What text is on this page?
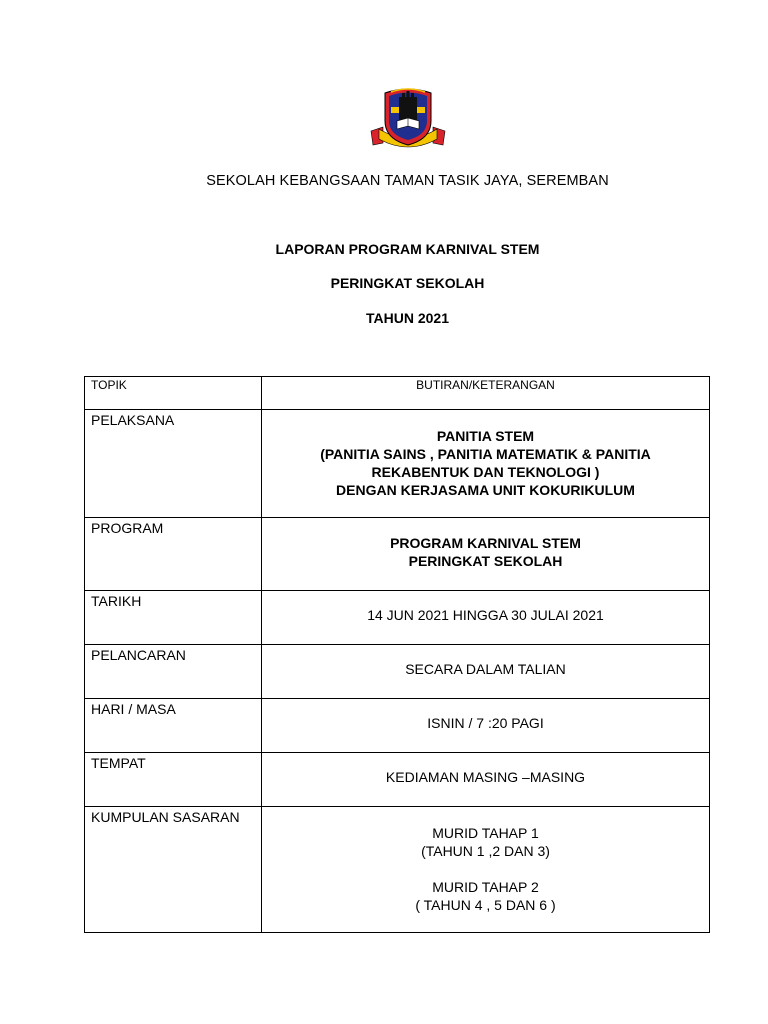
SEKOLAH KEBANGSAAN TAMAN TASIK JAYA, SEREMBAN
LAPORAN PROGRAM KARNIVAL STEM
PERINGKAT SEKOLAH
TAHUN 2021
TOPIK	BUTIRAN/KETERANGAN

PELAKSANA	PANITIA STEM
(PANITIA SAINS , PANITIA MATEMATIK & PANITIA
REKABENTUK DAN TEKNOLOGI )
DENGAN KERJASAMA UNIT KOKURIKULUM

PROGRAM	PROGRAM KARNIVAL STEM
PERINGKAT SEKOLAH

TARIKH	14 JUN 2021 HINGGA 30 JULAI 2021

PELANCARAN	SECARA DALAM TALIAN

HARI / MASA	ISNIN / 7 :20 PAGI

TEMPAT	KEDIAMAN MASING –MASING

KUMPULAN SASARAN	MURID TAHAP 1
(TAHUN 1 ,2 DAN 3)
MURID TAHAP 2
( TAHUN 4 , 5 DAN 6 )
